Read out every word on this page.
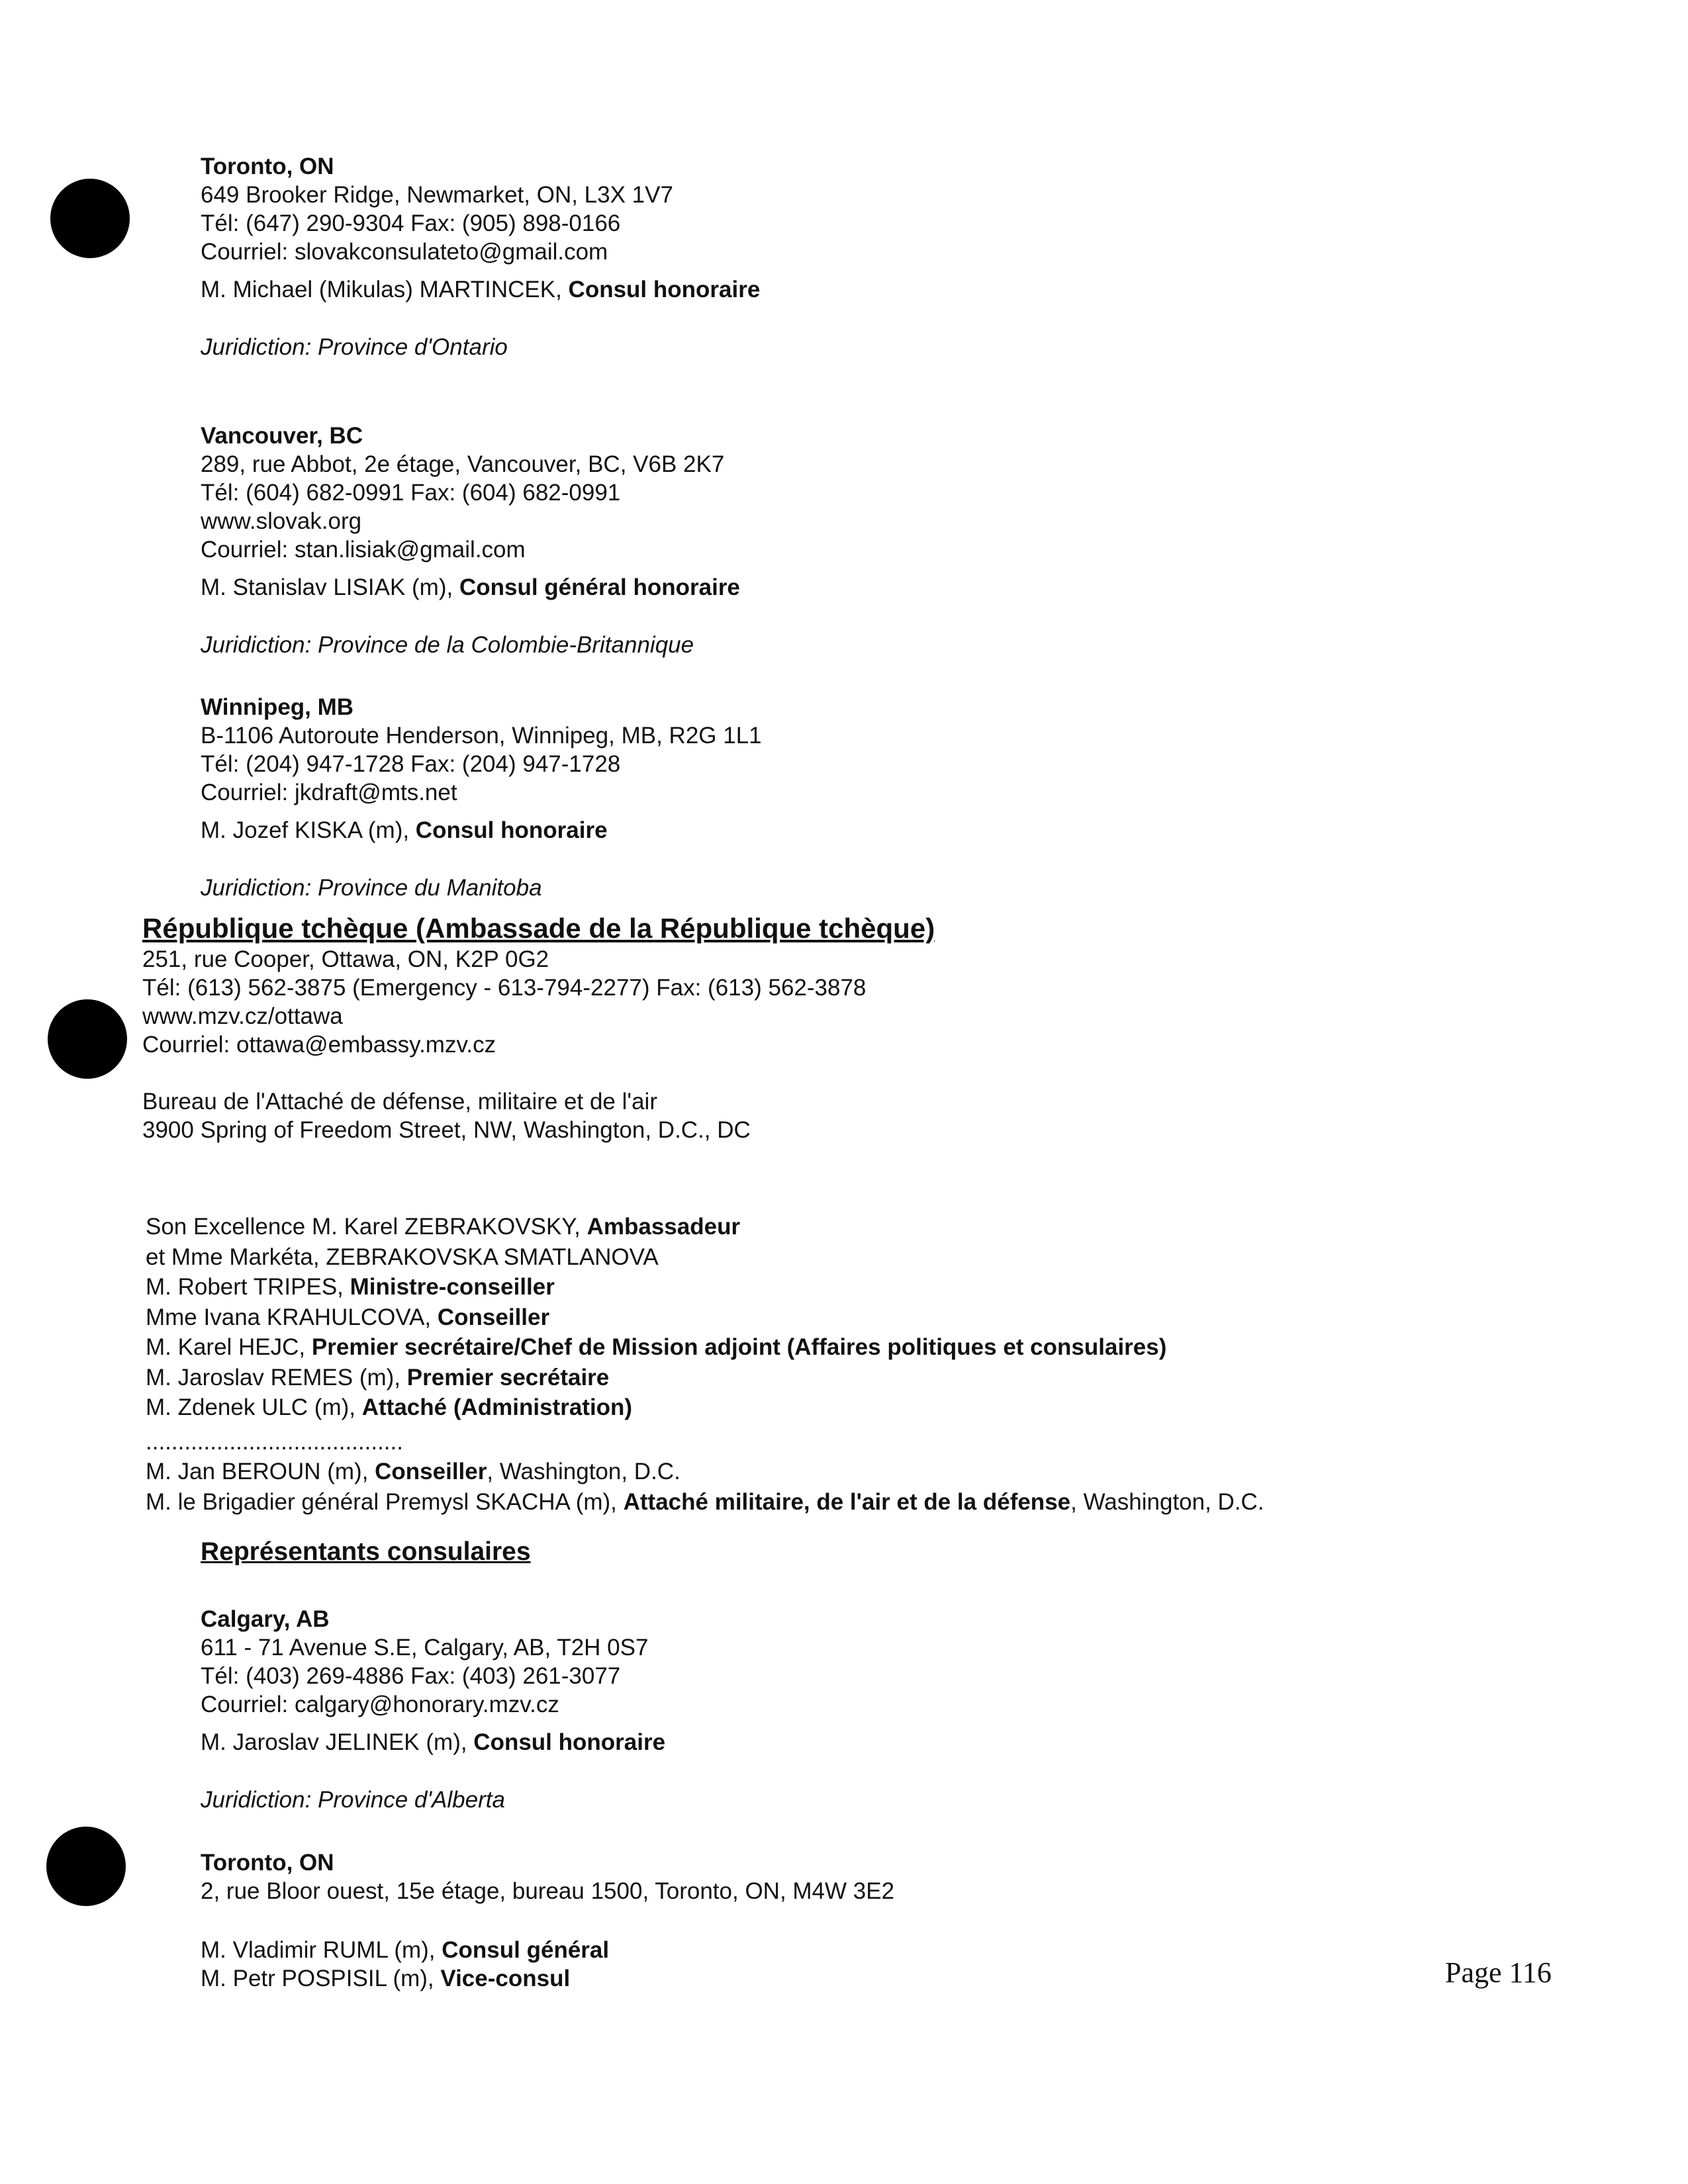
Toronto, ON
649 Brooker Ridge, Newmarket, ON, L3X 1V7
Tél: (647) 290-9304 Fax: (905) 898-0166
Courriel: slovakconsulateto@gmail.com
M. Michael (Mikulas) MARTINCEK, Consul honoraire
Juridiction: Province d'Ontario
Vancouver, BC
289, rue Abbot, 2e étage, Vancouver, BC, V6B 2K7
Tél: (604) 682-0991 Fax: (604) 682-0991
www.slovak.org
Courriel: stan.lisiak@gmail.com
M. Stanislav LISIAK (m), Consul général honoraire
Juridiction: Province de la Colombie-Britannique
Winnipeg, MB
B-1106 Autoroute Henderson, Winnipeg, MB, R2G 1L1
Tél: (204) 947-1728 Fax: (204) 947-1728
Courriel: jkdraft@mts.net
M. Jozef KISKA (m), Consul honoraire
Juridiction: Province du Manitoba
République tchèque (Ambassade de la République tchèque)
251, rue Cooper, Ottawa, ON, K2P 0G2
Tél: (613) 562-3875 (Emergency - 613-794-2277) Fax: (613) 562-3878
www.mzv.cz/ottawa
Courriel: ottawa@embassy.mzv.cz
Bureau de l'Attaché de défense, militaire et de l'air
3900 Spring of Freedom Street, NW, Washington, D.C., DC
Son Excellence M. Karel ZEBRAKOVSKY, Ambassadeur
et Mme Markéta, ZEBRAKOVSKA SMATLANOVA
M. Robert TRIPES, Ministre-conseiller
Mme Ivana KRAHULCOVA, Conseiller
M. Karel HEJC, Premier secrétaire/Chef de Mission adjoint (Affaires politiques et consulaires)
M. Jaroslav REMES (m), Premier secrétaire
M. Zdenek ULC (m), Attaché (Administration)
........................................
M. Jan BEROUN (m), Conseiller, Washington, D.C.
M. le Brigadier général Premysl SKACHA (m), Attaché militaire, de l'air et de la défense, Washington, D.C.
Représentants consulaires
Calgary, AB
611 - 71 Avenue S.E, Calgary, AB, T2H 0S7
Tél: (403) 269-4886 Fax: (403) 261-3077
Courriel: calgary@honorary.mzv.cz
M. Jaroslav JELINEK (m), Consul honoraire
Juridiction: Province d'Alberta
Toronto, ON
2, rue Bloor ouest, 15e étage, bureau 1500, Toronto, ON, M4W 3E2
M. Vladimir RUML (m), Consul général
M. Petr POSPISIL (m), Vice-consul	Page 116
